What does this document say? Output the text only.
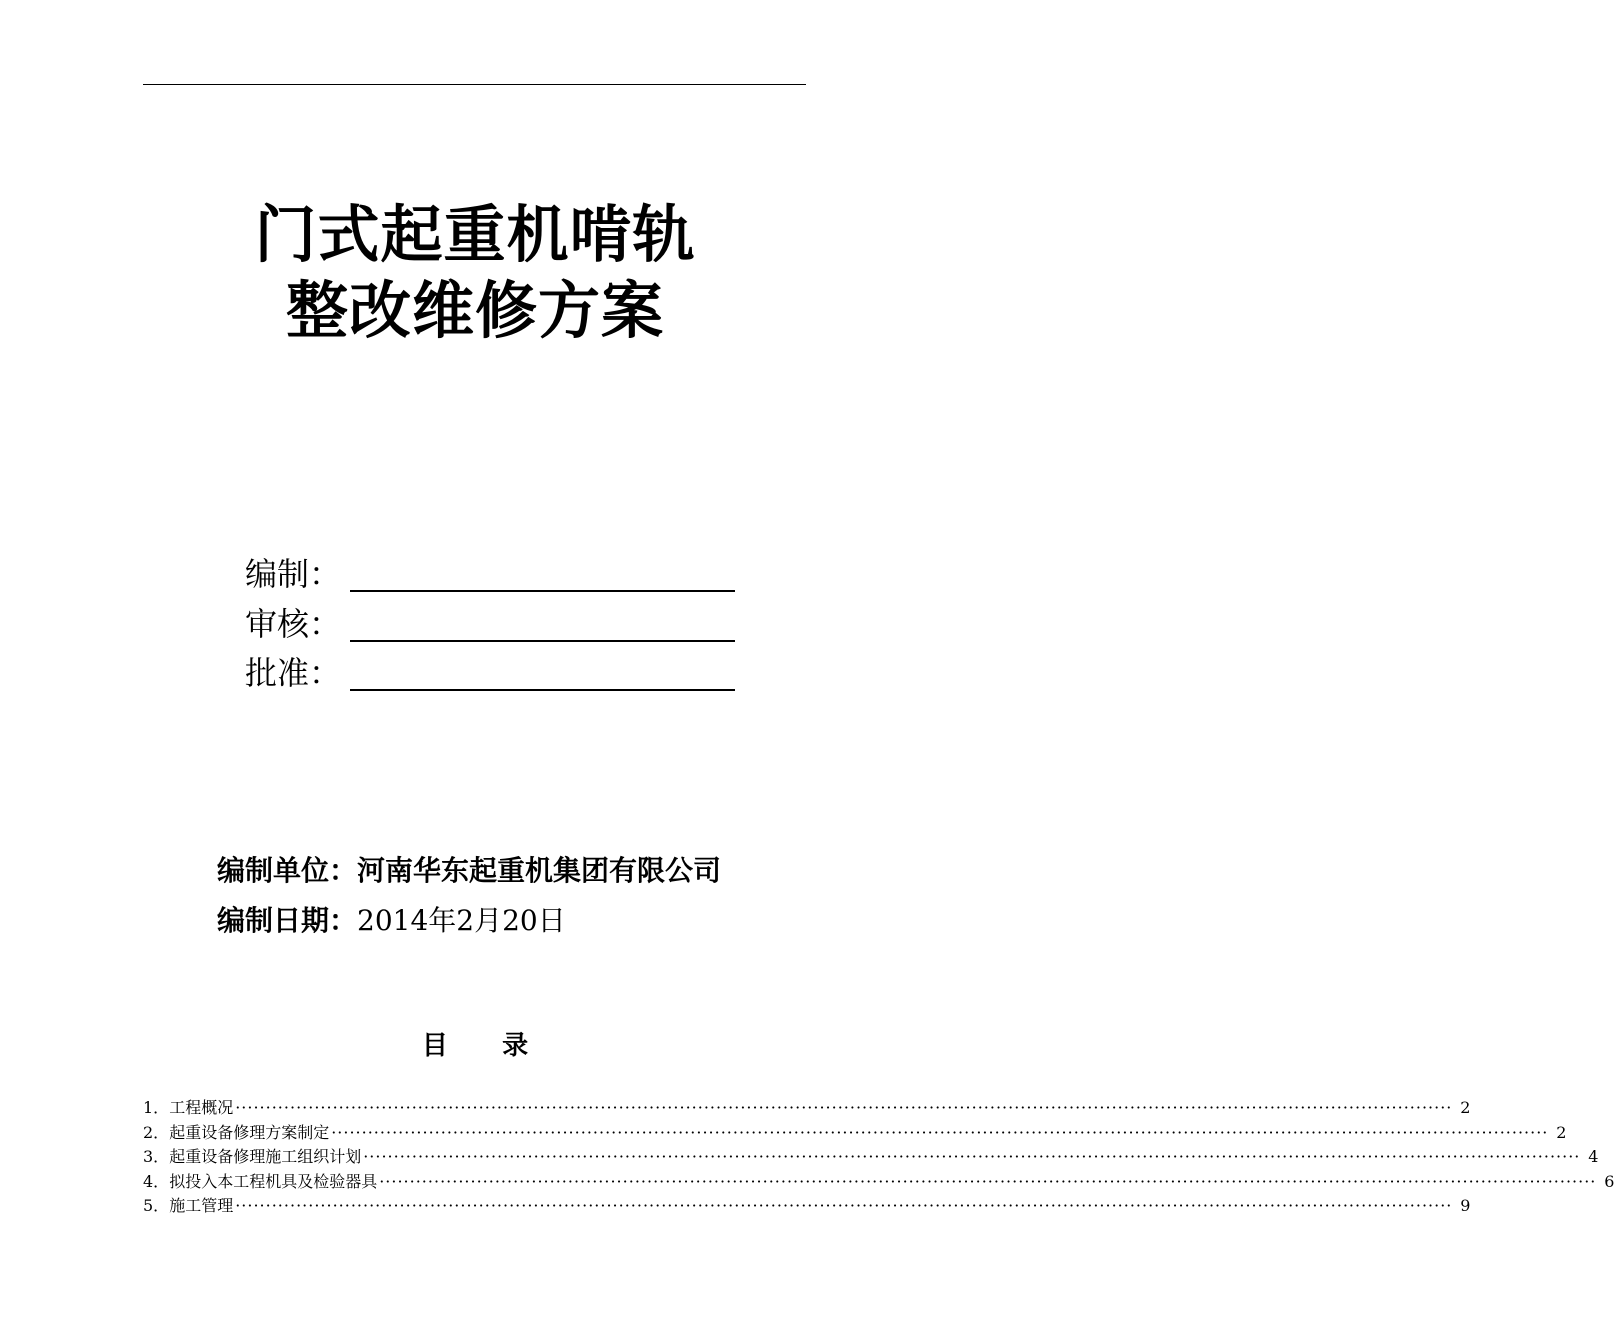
门式起重机啃轨
整改维修方案
编制：
审核：
批准：
编制单位：河南华东起重机集团有限公司
编制日期：2014年2月20日
目      录
1． 工程概况 ········································································································································································································ 2
2． 起重设备修理方案制定 ········································································································································································································ 2
3． 起重设备修理施工组织计划 ········································································································································································································ 4
4． 拟投入本工程机具及检验器具 ········································································································································································································ 6
5． 施工管理 ········································································································································································································ 9
